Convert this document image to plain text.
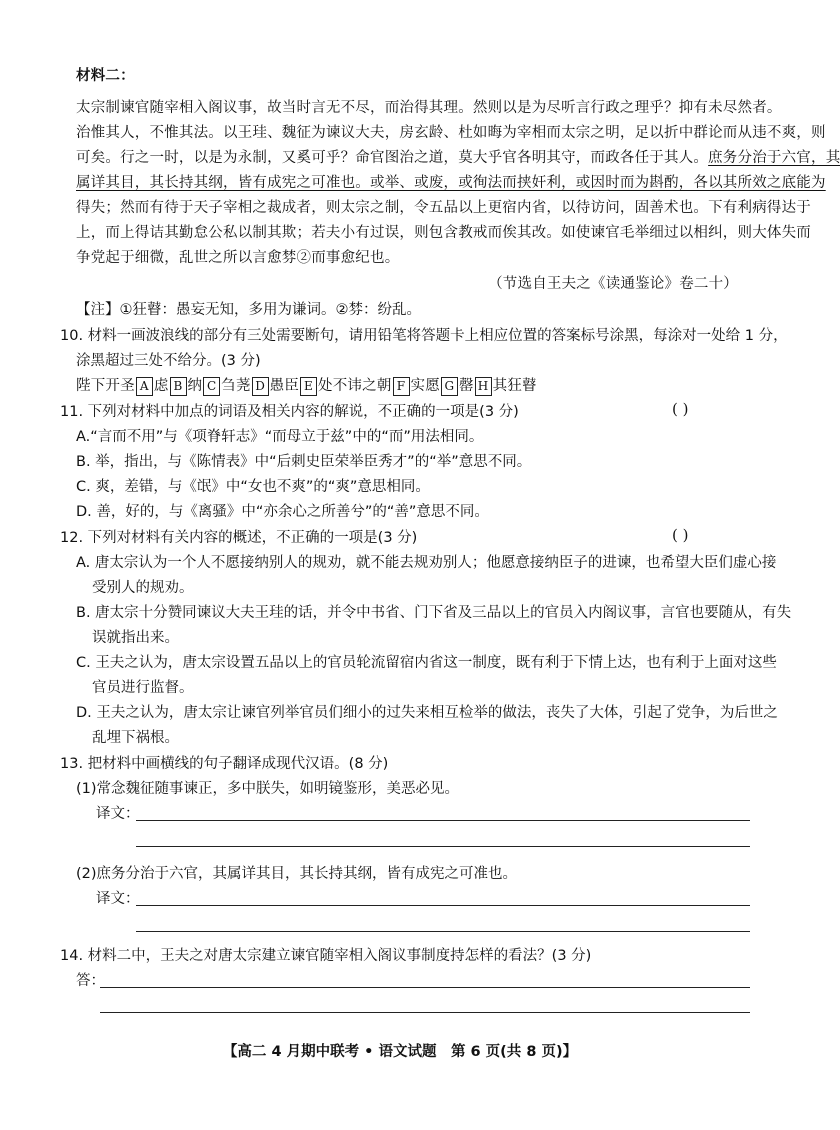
材料二：
太宗制谏官随宰相入阁议事，故当时言无不尽，而治得其理。然则以是为尽听言行政之理乎？抑有未尽然者。
治惟其人，不惟其法。以王珪、魏征为谏议大夫，房玄龄、杜如晦为宰相而太宗之明，足以折中群论而从违不爽，则
可矣。行之一时，以是为永制，又奚可乎？命官图治之道，莫大乎官各明其守，而政各任于其人。庶务分治于六官，其
属详其目，其长持其纲，皆有成宪之可准也。或举、或废，或徇法而挟奸利，或因时而为斟酌，各以其所效之底能为
得失；然而有待于天子宰相之裁成者，则太宗之制，令五品以上更宿内省，以待访问，固善术也。下有利病得达于
上，而上得诘其勤怠公私以制其欺；若夫小有过误，则包含教戒而俟其改。如使谏官毛举细过以相纠，则大体失而
争党起于细微，乱世之所以言愈棼②而事愈纪也。
（节选自王夫之《读通鉴论》卷二十）
【注】①狂瞽：愚妄无知，多用为谦词。②棼：纷乱。
10. 材料一画波浪线的部分有三处需要断句，请用铅笔将答题卡上相应位置的答案标号涂黑，每涂对一处给 1 分，
涂黑超过三处不给分。(3 分)
陛下开圣 A 虑 B 纳 C 刍荛 D 愚臣 E 处不讳之朝 F 实愿 G 罄 H 其狂瞽
11. 下列对材料中加点的词语及相关内容的解说，不正确的一项是(3 分)	( )
A.“言而不用”与《项脊轩志》“而母立于兹”中的“而”用法相同。
B. 举，指出，与《陈情表》中“后刺史臣荣举臣秀才”的“举”意思不同。
C. 爽，差错，与《氓》中“女也不爽”的“爽”意思相同。
D. 善，好的，与《离骚》中“亦余心之所善兮”的“善”意思不同。
12. 下列对材料有关内容的概述，不正确的一项是(3 分)	( )
A. 唐太宗认为一个人不愿接纳别人的规劝，就不能去规劝别人；他愿意接纳臣子的进谏，也希望大臣们虚心接
受别人的规劝。
B. 唐太宗十分赞同谏议大夫王珪的话，并令中书省、门下省及三品以上的官员入内阁议事，言官也要随从，有失
误就指出来。
C. 王夫之认为，唐太宗设置五品以上的官员轮流留宿内省这一制度，既有利于下情上达，也有利于上面对这些
官员进行监督。
D. 王夫之认为，唐太宗让谏官列举官员们细小的过失来相互检举的做法，丧失了大体，引起了党争，为后世之
乱埋下祸根。
13. 把材料中画横线的句子翻译成现代汉语。(8 分)
(1)常念魏征随事谏正，多中朕失，如明镜鉴形，美恶必见。
译文：
(2)庶务分治于六官，其属详其目，其长持其纲，皆有成宪之可准也。
译文：
14. 材料二中，王夫之对唐太宗建立谏官随宰相入阁议事制度持怎样的看法？(3 分)
答：
【高二 4 月期中联考 • 语文试题　第 6 页(共 8 页)】
